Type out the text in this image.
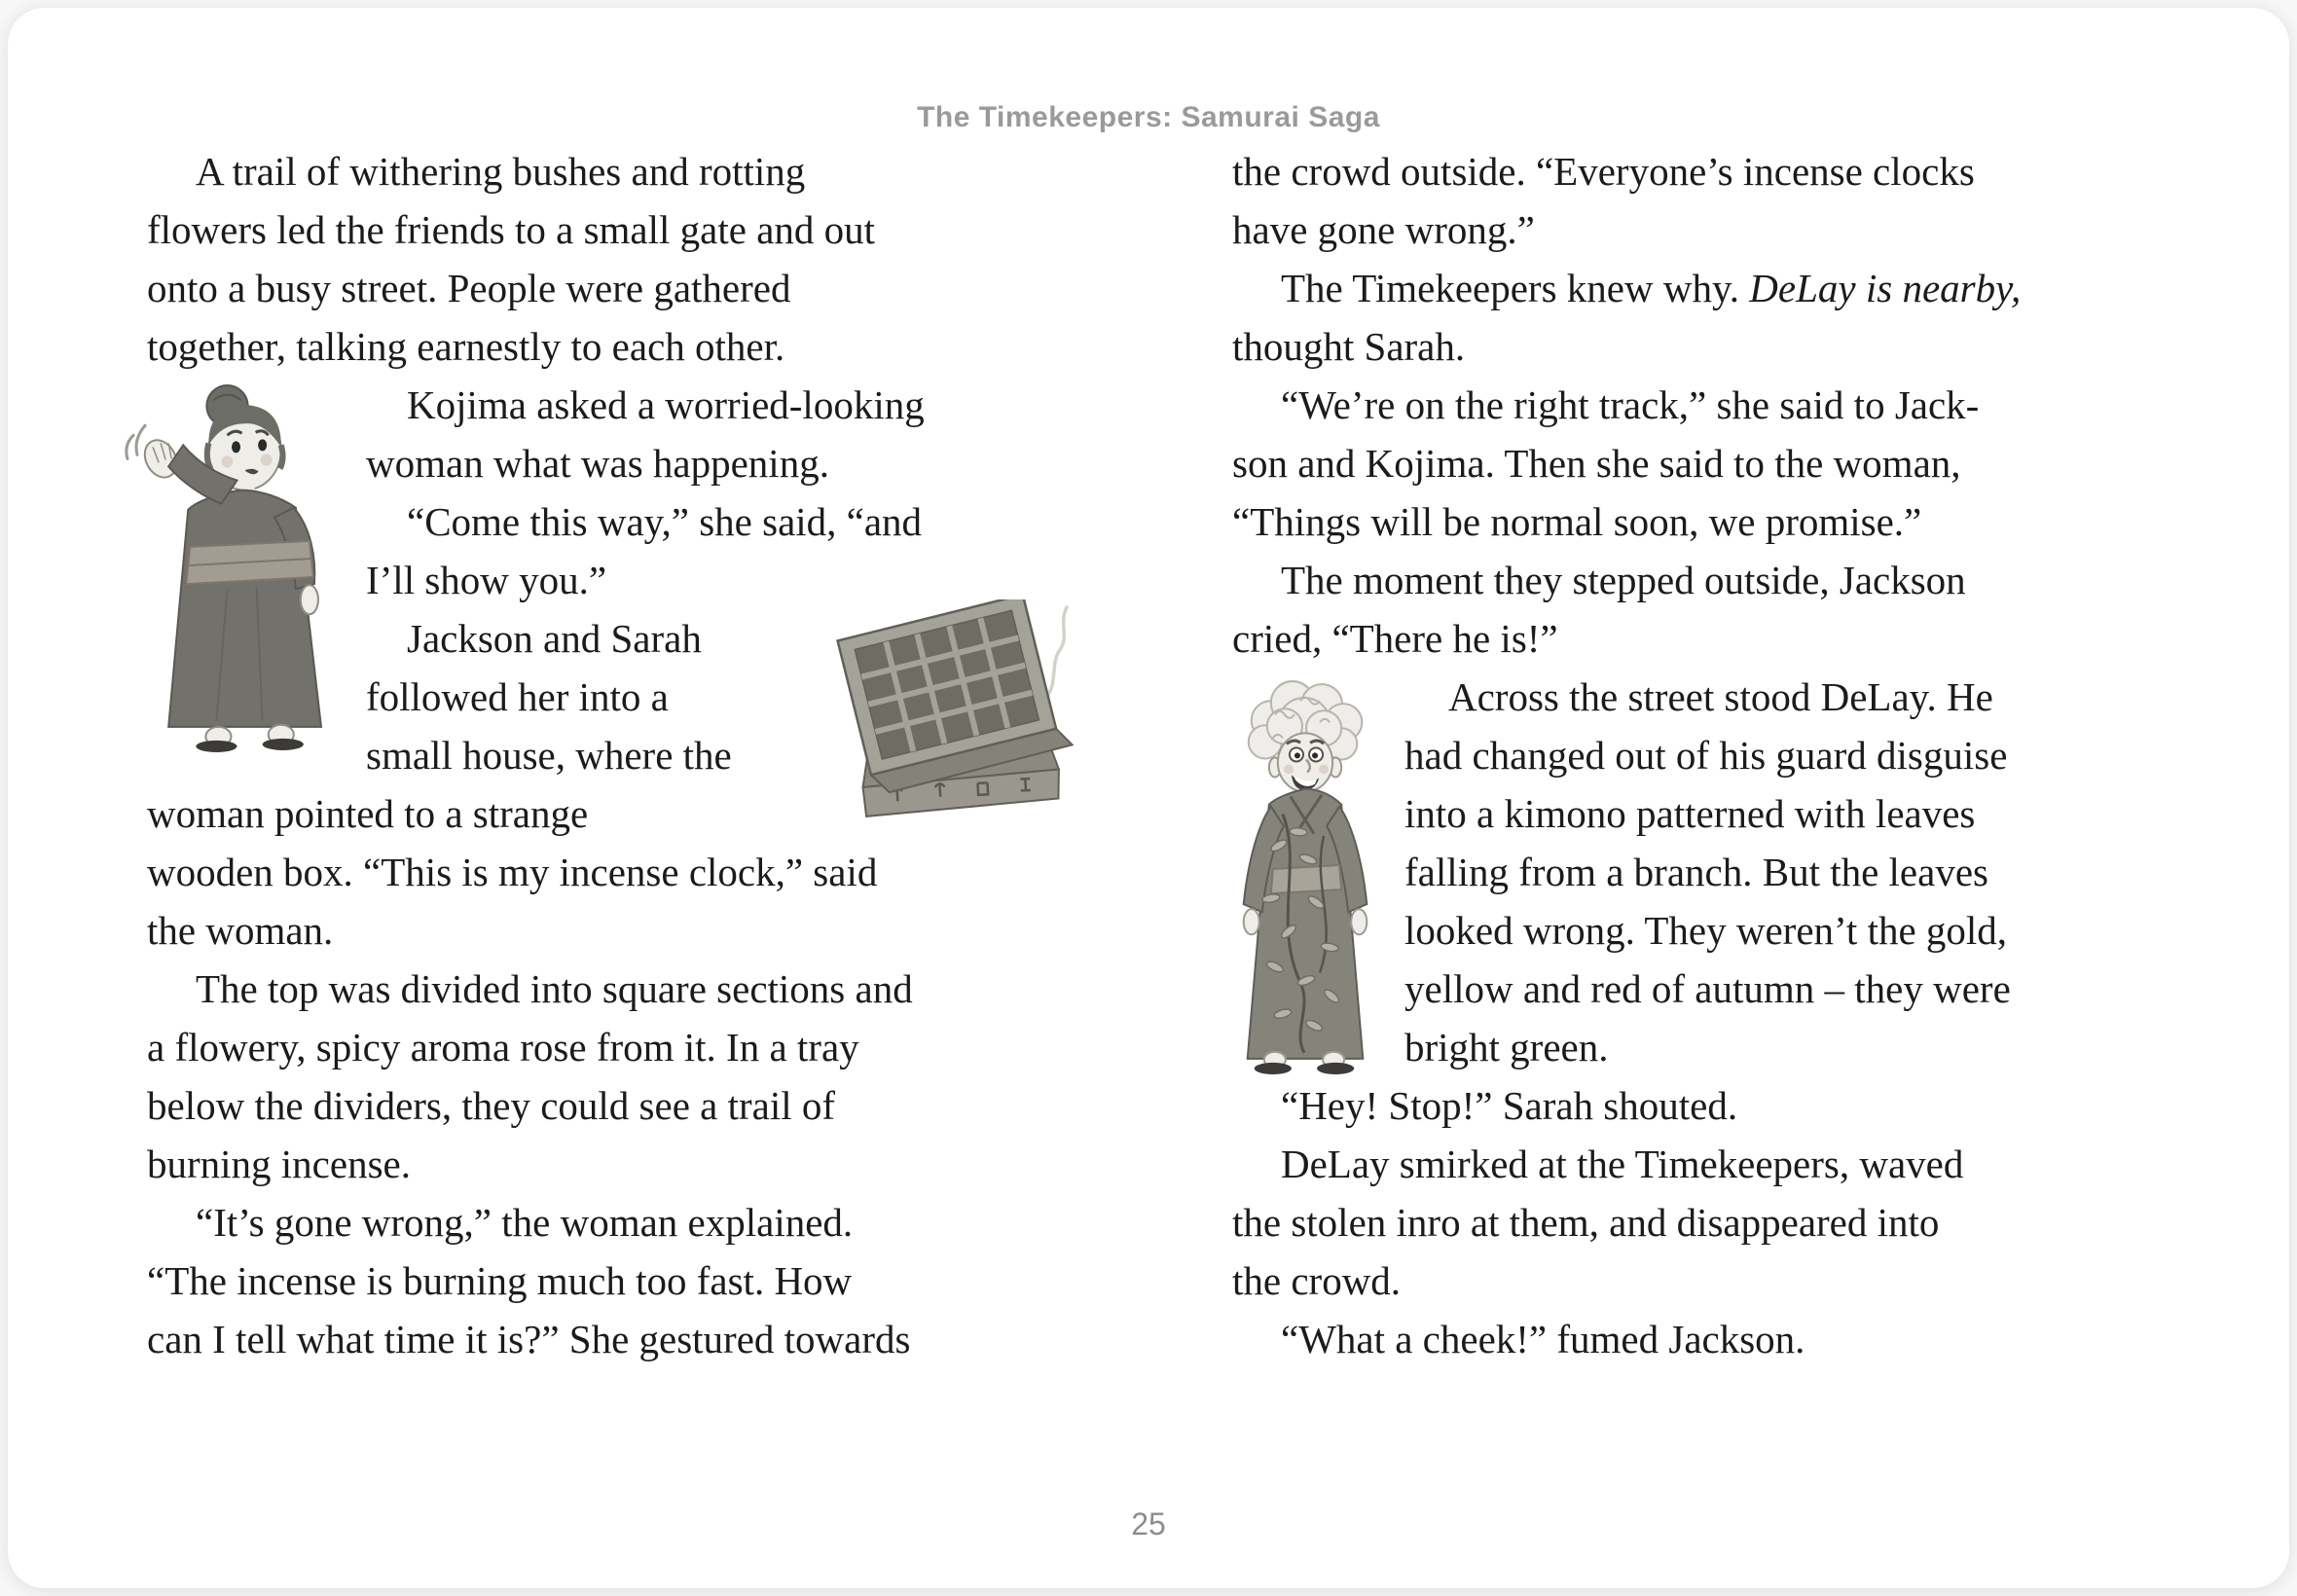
The Timekeepers: Samurai Saga
A trail of withering bushes and rotting
flowers led the friends to a small gate and out
onto a busy street. People were gathered
together, talking earnestly to each other.
Kojima asked a worried-looking
woman what was happening.
“Come this way,” she said, “and
I’ll show you.”
Jackson and Sarah
followed her into a
small house, where the
woman pointed to a strange
wooden box. “This is my incense clock,” said
the woman.
The top was divided into square sections and
a flowery, spicy aroma rose from it. In a tray
below the dividers, they could see a trail of
burning incense.
“It’s gone wrong,” the woman explained.
“The incense is burning much too fast. How
can I tell what time it is?” She gestured towards
the crowd outside. “Everyone’s incense clocks
have gone wrong.”
The Timekeepers knew why. DeLay is nearby,
thought Sarah.
“We’re on the right track,” she said to Jack-
son and Kojima. Then she said to the woman,
“Things will be normal soon, we promise.”
The moment they stepped outside, Jackson
cried, “There he is!”
Across the street stood DeLay. He
had changed out of his guard disguise
into a kimono patterned with leaves
falling from a branch. But the leaves
looked wrong. They weren’t the gold,
yellow and red of autumn – they were
bright green.
“Hey! Stop!” Sarah shouted.
DeLay smirked at the Timekeepers, waved
the stolen inro at them, and disappeared into
the crowd.
“What a cheek!” fumed Jackson.
25
